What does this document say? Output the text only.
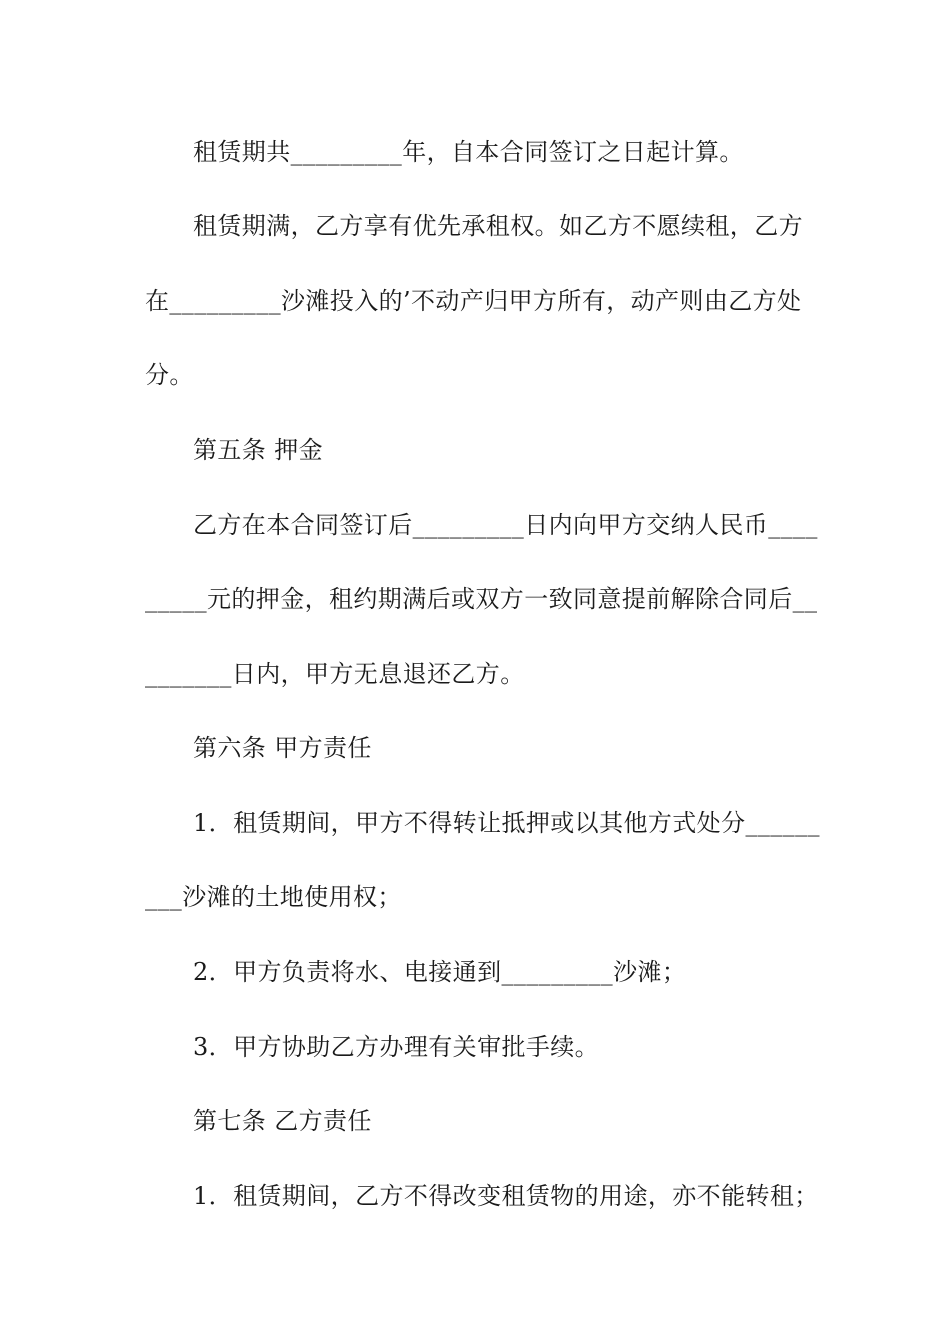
租赁期共_________年，自本合同签订之日起计算。
租赁期满，乙方享有优先承租权。如乙方不愿续租，乙方
在_________沙滩投入的’不动产归甲方所有，动产则由乙方处
分。
第五条 押金
乙方在本合同签订后_________日内向甲方交纳人民币____
_____元的押金，租约期满后或双方一致同意提前解除合同后__
_______日内，甲方无息退还乙方。
第六条 甲方责任
1．租赁期间，甲方不得转让抵押或以其他方式处分______
___沙滩的土地使用权；
2．甲方负责将水、电接通到_________沙滩；
3．甲方协助乙方办理有关审批手续。
第七条 乙方责任
1．租赁期间，乙方不得改变租赁物的用途，亦不能转租；
